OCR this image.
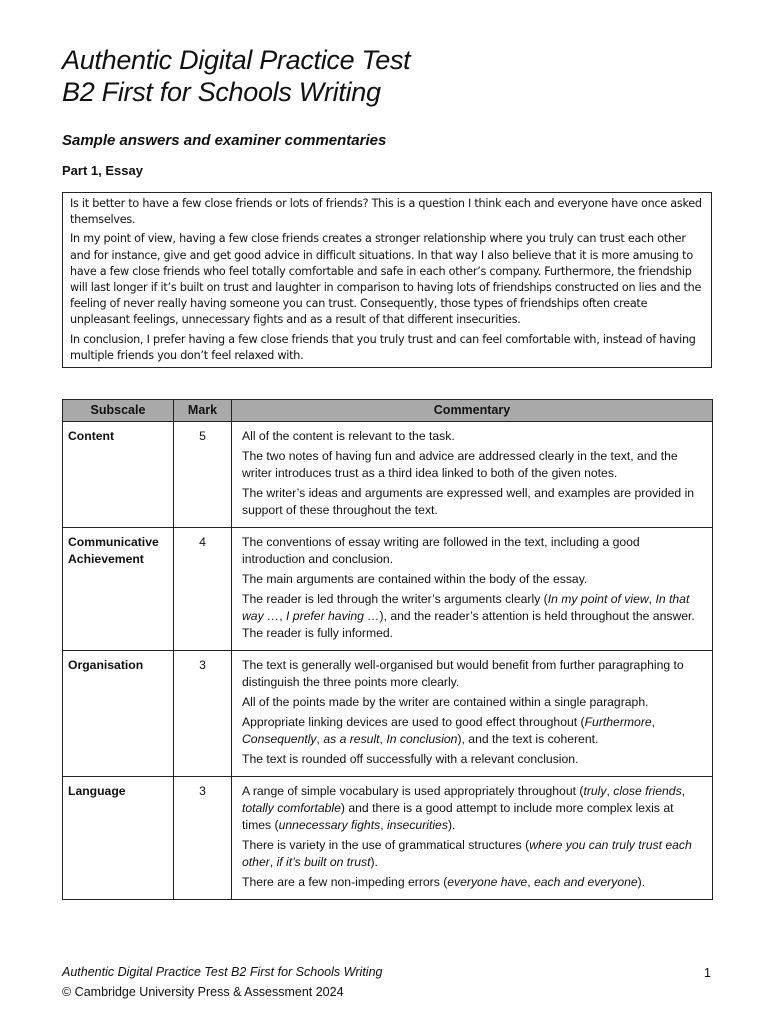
Authentic Digital Practice Test
B2 First for Schools Writing
Sample answers and examiner commentaries
Part 1, Essay

Is it better to have a few close friends or lots of friends? This is a question I think each and everyone have once asked themselves.

In my point of view, having a few close friends creates a stronger relationship where you truly can trust each other and for instance, give and get good advice in difficult situations. In that way I also believe that it is more amusing to have a few close friends who feel totally comfortable and safe in each other’s company. Furthermore, the friendship will last longer if it’s built on trust and laughter in comparison to having lots of friendships constructed on lies and the feeling of never really having someone you can trust. Consequently, those types of friendships often create unpleasant feelings, unnecessary fights and as a result of that different insecurities.

In conclusion, I prefer having a few close friends that you truly trust and can feel comfortable with, instead of having multiple friends you don’t feel relaxed with.

Subscale	Mark	Commentary
Content	5	All of the content is relevant to the task.

The two notes of having fun and advice are addressed clearly in the text, and the writer introduces trust as a third idea linked to both of the given notes.

The writer’s ideas and arguments are expressed well, and examples are provided in support of these throughout the text.

Communicative Achievement	4	The conventions of essay writing are followed in the text, including a good introduction and conclusion.

The main arguments are contained within the body of the essay.

The reader is led through the writer’s arguments clearly (In my point of view, In that way …, I prefer having …), and the reader’s attention is held throughout the answer. The reader is fully informed.

Organisation	3	The text is generally well-organised but would benefit from further paragraphing to distinguish the three points more clearly.

All of the points made by the writer are contained within a single paragraph.

Appropriate linking devices are used to good effect throughout (Furthermore, Consequently, as a result, In conclusion), and the text is coherent.

The text is rounded off successfully with a relevant conclusion.

Language	3	A range of simple vocabulary is used appropriately throughout (truly, close friends, totally comfortable) and there is a good attempt to include more complex lexis at times (unnecessary fights, insecurities).

There is variety in the use of grammatical structures (where you can truly trust each other, if it’s built on trust).

There are a few non-impeding errors (everyone have, each and everyone).

Authentic Digital Practice Test B2 First for Schools Writing
© Cambridge University Press & Assessment 2024
1
